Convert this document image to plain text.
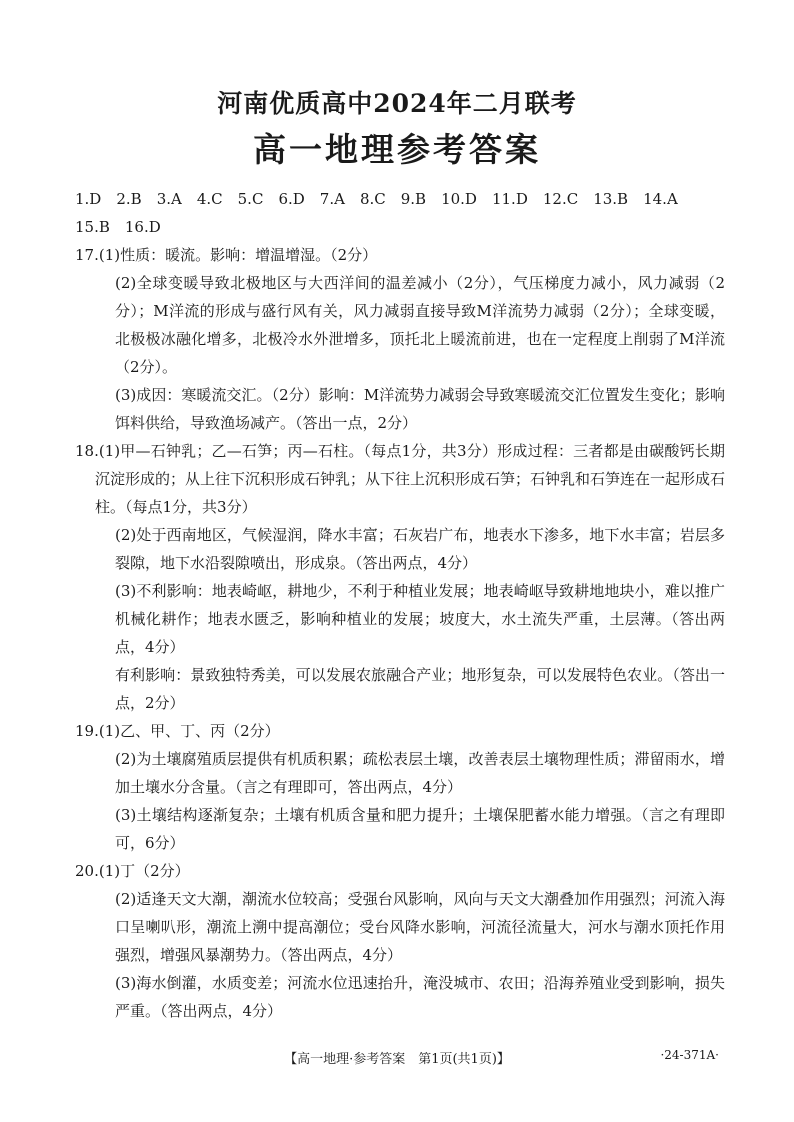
河南优质高中2024年二月联考
高一地理参考答案

1.D 2.B 3.A 4.C 5.C 6.D 7.A 8.C 9.B 10.D 11.D 12.C 13.B 14.A
15.B 16.D

17.(1)性质：暖流。影响：增温增湿。（2分）

(2)全球变暖导致北极地区与大西洋间的温差减小（2分），气压梯度力减小，风力减弱（2分）；M洋流的形成与盛行风有关，风力减弱直接导致M洋流势力减弱（2分）；全球变暖，北极极冰融化增多，北极冷水外泄增多，顶托北上暖流前进，也在一定程度上削弱了M洋流（2分）。

(3)成因：寒暖流交汇。（2分）影响：M洋流势力减弱会导致寒暖流交汇位置发生变化；影响饵料供给，导致渔场减产。（答出一点，2分）

18.(1)甲—石钟乳；乙—石笋；丙—石柱。（每点1分，共3分）形成过程：三者都是由碳酸钙长期沉淀形成的；从上往下沉积形成石钟乳；从下往上沉积形成石笋；石钟乳和石笋连在一起形成石柱。（每点1分，共3分）

(2)处于西南地区，气候湿润，降水丰富；石灰岩广布，地表水下渗多，地下水丰富；岩层多裂隙，地下水沿裂隙喷出，形成泉。（答出两点，4分）

(3)不利影响：地表崎岖，耕地少，不利于种植业发展；地表崎岖导致耕地地块小，难以推广机械化耕作；地表水匮乏，影响种植业的发展；坡度大，水土流失严重，土层薄。（答出两点，4分）

有利影响：景致独特秀美，可以发展农旅融合产业；地形复杂，可以发展特色农业。（答出一点，2分）

19.(1)乙、甲、丁、丙（2分）

(2)为土壤腐殖质层提供有机质积累；疏松表层土壤，改善表层土壤物理性质；滞留雨水，增加土壤水分含量。（言之有理即可，答出两点，4分）

(3)土壤结构逐渐复杂；土壤有机质含量和肥力提升；土壤保肥蓄水能力增强。（言之有理即可，6分）

20.(1)丁（2分）

(2)适逢天文大潮，潮流水位较高；受强台风影响，风向与天文大潮叠加作用强烈；河流入海口呈喇叭形，潮流上溯中提高潮位；受台风降水影响，河流径流量大，河水与潮水顶托作用强烈，增强风暴潮势力。（答出两点，4分）

(3)海水倒灌，水质变差；河流水位迅速抬升，淹没城市、农田；沿海养殖业受到影响，损失严重。（答出两点，4分）

【高一地理·参考答案　第1页(共1页)】	·24-371A·
